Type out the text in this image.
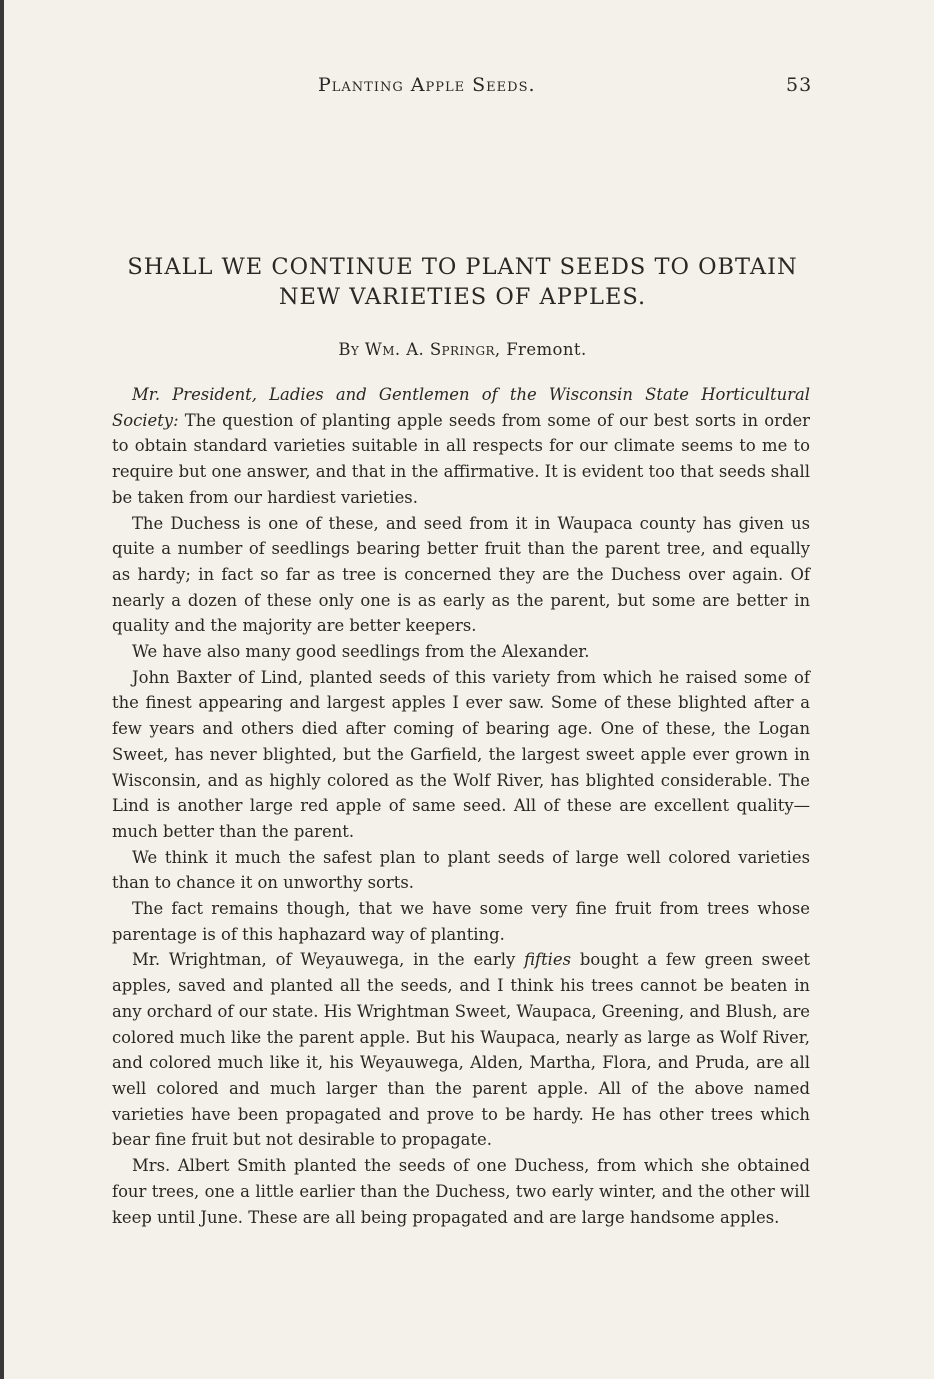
Planting Apple Seeds.	53
SHALL WE CONTINUE TO PLANT SEEDS TO OBTAIN NEW VARIETIES OF APPLES.
By Wm. A. Springr, Fremont.

Mr. President, Ladies and Gentlemen of the Wisconsin State Horticultural Society: The question of planting apple seeds from some of our best sorts in order to obtain standard varieties suitable in all respects for our climate seems to me to require but one answer, and that in the affirmative. It is evident too that seeds shall be taken from our hardiest varieties.

The Duchess is one of these, and seed from it in Waupaca county has given us quite a number of seedlings bearing better fruit than the parent tree, and equally as hardy; in fact so far as tree is concerned they are the Duchess over again. Of nearly a dozen of these only one is as early as the parent, but some are better in quality and the majority are better keepers.

We have also many good seedlings from the Alexander.

John Baxter of Lind, planted seeds of this variety from which he raised some of the finest appearing and largest apples I ever saw. Some of these blighted after a few years and others died after coming of bearing age. One of these, the Logan Sweet, has never blighted, but the Garfield, the largest sweet apple ever grown in Wisconsin, and as highly colored as the Wolf River, has blighted considerable. The Lind is another large red apple of same seed. All of these are excellent quality—much better than the parent.

We think it much the safest plan to plant seeds of large well colored varieties than to chance it on unworthy sorts.

The fact remains though, that we have some very fine fruit from trees whose parentage is of this haphazard way of planting.

Mr. Wrightman, of Weyauwega, in the early fifties bought a few green sweet apples, saved and planted all the seeds, and I think his trees cannot be beaten in any orchard of our state. His Wrightman Sweet, Waupaca, Greening, and Blush, are colored much like the parent apple. But his Waupaca, nearly as large as Wolf River, and colored much like it, his Weyauwega, Alden, Martha, Flora, and Pruda, are all well colored and much larger than the parent apple. All of the above named varieties have been propagated and prove to be hardy. He has other trees which bear fine fruit but not desirable to propagate.

Mrs. Albert Smith planted the seeds of one Duchess, from which she obtained four trees, one a little earlier than the Duchess, two early winter, and the other will keep until June. These are all being propagated and are large handsome apples.
